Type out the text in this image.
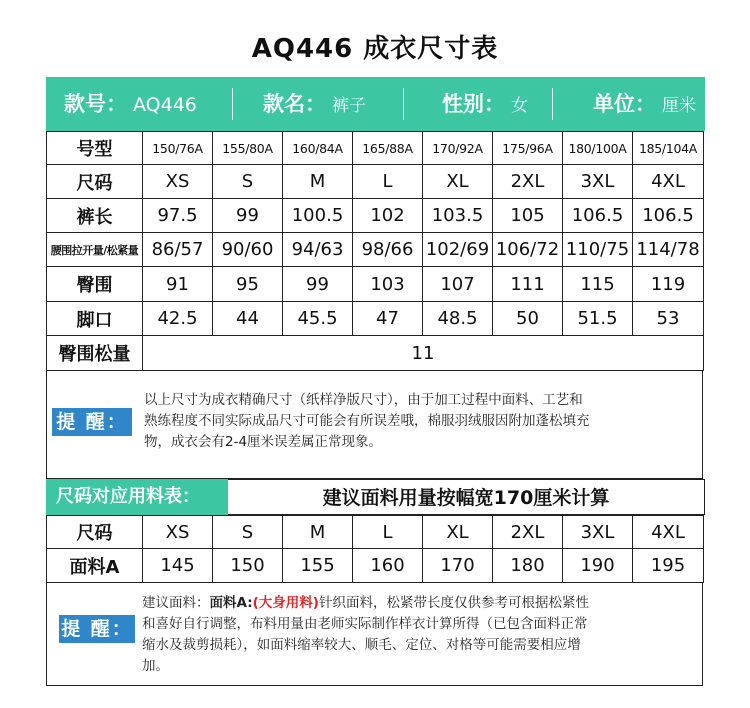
AQ446 成衣尺寸表
款号： AQ446	款名： 裤子	性别： 女	单位： 厘米
号型	150/76A	155/80A	160/84A	165/88A	170/92A	175/96A	180/100A	185/104A
尺码	XS	S	M	L	XL	2XL	3XL	4XL
裤长	97.5	99	100.5	102	103.5	105	106.5	106.5
腰围拉开量/松紧量	86/57	90/60	94/63	98/66	102/69	106/72	110/75	114/78
臀围	91	95	99	103	107	111	115	119
脚口	42.5	44	45.5	47	48.5	50	51.5	53
臀围松量	11							
提 醒：
以上尺寸为成衣精确尺寸（纸样净版尺寸），由于加工过程中面料、工艺和
熟练程度不同实际成品尺寸可能会有所误差哦，棉服羽绒服因附加蓬松填充
物，成衣会有2-4厘米误差属正常现象。
尺码对应用料表：	建议面料用量按幅宽170厘米计算
尺码	XS	S	M	L	XL	2XL	3XL	4XL
面料A	145	150	155	160	170	180	190	195
提 醒：
建议面料：面料A:(大身用料)针织面料，松紧带长度仅供参考可根据松紧性
和喜好自行调整，布料用量由老师实际制作样衣计算所得（已包含面料正常
缩水及裁剪损耗），如面料缩率较大、顺毛、定位、对格等可能需要相应增
加。
